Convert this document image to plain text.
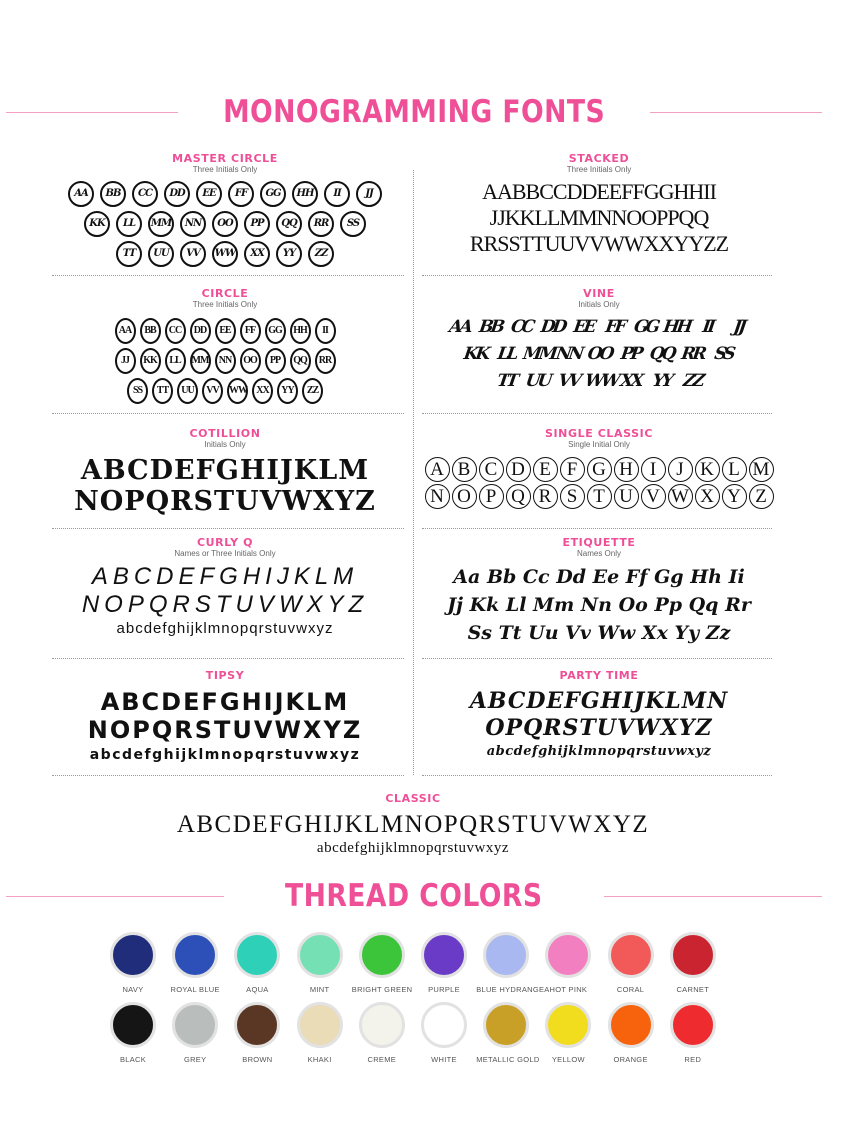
MONOGRAMMING FONTS
MASTER CIRCLE
Three Initials Only
AA BB CC DD EE FF GG HH II JJ
KK LL MM NN OO PP QQ RR SS
TT UU VV WW XX YY ZZ
STACKED
Three Initials Only
AABBCCDDEEFFGGHHII
JJKKLLMMNNOOPPQQ
RRSSTTUUVVWWXXYYZZ
CIRCLE
Three Initials Only
AA BB CC DD EE FF GG HH II
JJ KK LL MM NN OO PP QQ RR
SS TT UU VV WW XX YY ZZ
VINE
Initials Only
AA BB CC DD EE FF GG HH II JJ
KK LL MMNN OO PP QQ RR SS
TT UU VV WWXX YY ZZ
COTILLION
Initials Only
ABCDEFGHIJKLM
NOPQRSTUVWXYZ
SINGLE CLASSIC
Single Initial Only
A B C D E F G H I J K L M
N O P Q R S T U V W X Y Z
CURLY Q
Names or Three Initials Only
ABCDEFGHIJKLM
NOPQRSTUVWXYZ
abcdefghijklmnopqrstuvwxyz
ETIQUETTE
Names Only
Aa Bb Cc Dd Ee Ff Gg Hh Ii
Jj Kk Ll Mm Nn Oo Pp Qq Rr
Ss Tt Uu Vv Ww Xx Yy Zz
TIPSY
ABCDEFGHIJKLM
NOPQRSTUVWXYZ
abcdefghijklmnopqrstuvwxyz
PARTY TIME
ABCDEFGHIJKLMN
OPQRSTUVWXYZ
abcdefghijklmnopqrstuvwxyz
CLASSIC
ABCDEFGHIJKLMNOPQRSTUVWXYZ
abcdefghijklmnopqrstuvwxyz
THREAD COLORS
NAVY	ROYAL BLUE	AQUA	MINT	BRIGHT GREEN	PURPLE	BLUE HYDRANGEA HOT PINK	CORAL	CARNET
BLACK	GREY	BROWN	KHAKI	CREME	WHITE	METALLIC GOLD	YELLOW	ORANGE	RED
